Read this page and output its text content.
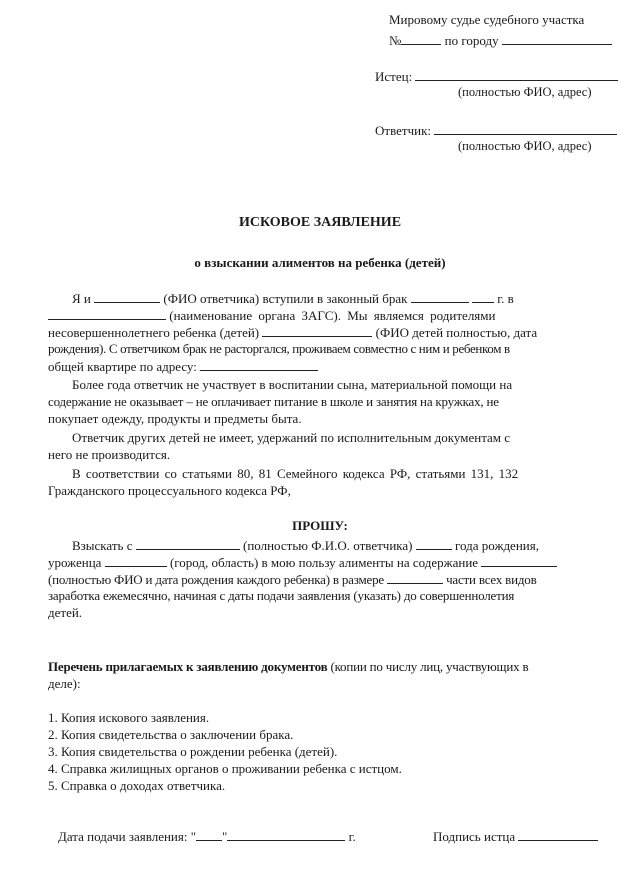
Мировому судье судебного участка
№	по городу
Истец:
(полностью ФИО, адрес)
Ответчик:
(полностью ФИО, адрес)
ИСКОВОЕ ЗАЯВЛЕНИЕ
о взыскании алиментов на ребенка (детей)
Я и	(ФИО ответчика) вступили в законный брак	г. в
(наименование органа ЗАГС). Мы являемся родителями
несовершеннолетнего ребенка (детей)	(ФИО детей полностью, дата
рождения). С ответчиком брак не расторгался, проживаем совместно с ним и ребенком в
общей квартире по адресу:
Более года ответчик не участвует в воспитании сына, материальной помощи на
содержание не оказывает – не оплачивает питание в школе и занятия на кружках, не
покупает одежду, продукты и предметы быта.
Ответчик других детей не имеет, удержаний по исполнительным документам с
него не производится.
В соответствии со статьями 80, 81 Семейного кодекса РФ, статьями 131, 132
Гражданского процессуального кодекса РФ,
ПРОШУ:
Взыскать с	(полностью Ф.И.О. ответчика)	года рождения,
уроженца	(город, область) в мою пользу алименты на содержание
(полностью ФИО и дата рождения каждого ребенка) в размере	части всех видов
заработка ежемесячно, начиная с даты подачи заявления (указать) до совершеннолетия
детей.
Перечень прилагаемых к заявлению документов (копии по числу лиц, участвующих в
деле):
1. Копия искового заявления.
2. Копия свидетельства о заключении брака.
3. Копия свидетельства о рождении ребенка (детей).
4. Справка жилищных органов о проживании ребенка с истцом.
5. Справка о доходах ответчика.
Дата подачи заявления: " "	г.	Подпись истца
